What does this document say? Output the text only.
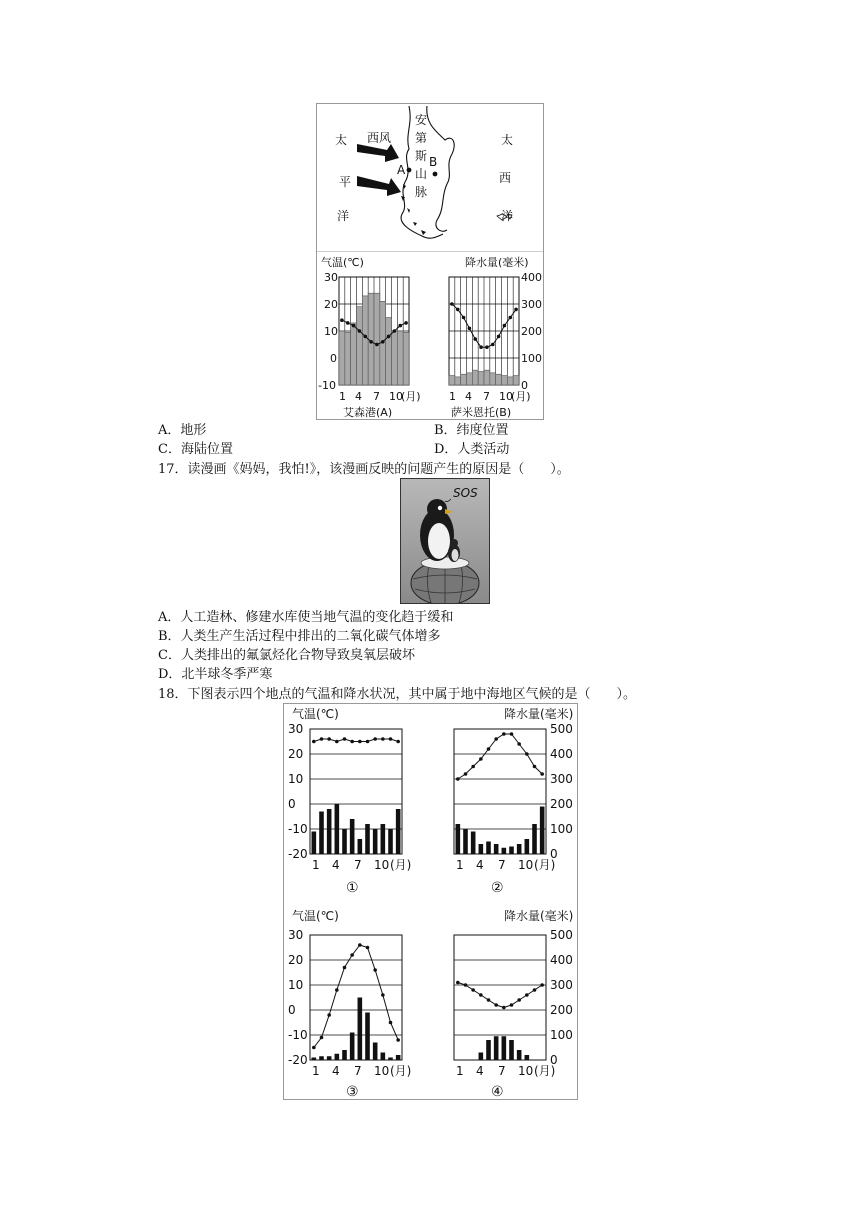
太
平
洋
太
西
洋
西风
安
第
斯
山
脉
A
B
气温(℃)	降水量(毫米)
30
20
10
0
-10
400
300
200
100
0
1 4 7 10
(月)	1 4 7 10
(月)
艾森港(A)	萨米恩托(B)
A．地形	B．纬度位置
C．海陆位置	D．人类活动
17．读漫画《妈妈，我怕!》，该漫画反映的问题产生的原因是（　　）。
SOS
A．人工造林、修建水库使当地气温的变化趋于缓和
B．人类生产生活过程中排出的二氧化碳气体增多
C．人类排出的氟氯烃化合物导致臭氧层破坏
D．北半球冬季严寒
18．下图表示四个地点的气温和降水状况，其中属于地中海地区气候的是（　　）。
气温(℃)	降水量(毫米)
气温(℃)	降水量(毫米)
30
20
10
0
-10
-20
1 4 7 10 (月)
500
400
300
200
100
0
1 4 7 10 (月)
30
20
10
0
-10
-20
1 4 7 10 (月)
500
400
300
200
100
0
1 4 7 10 (月)
①	②
③	④
